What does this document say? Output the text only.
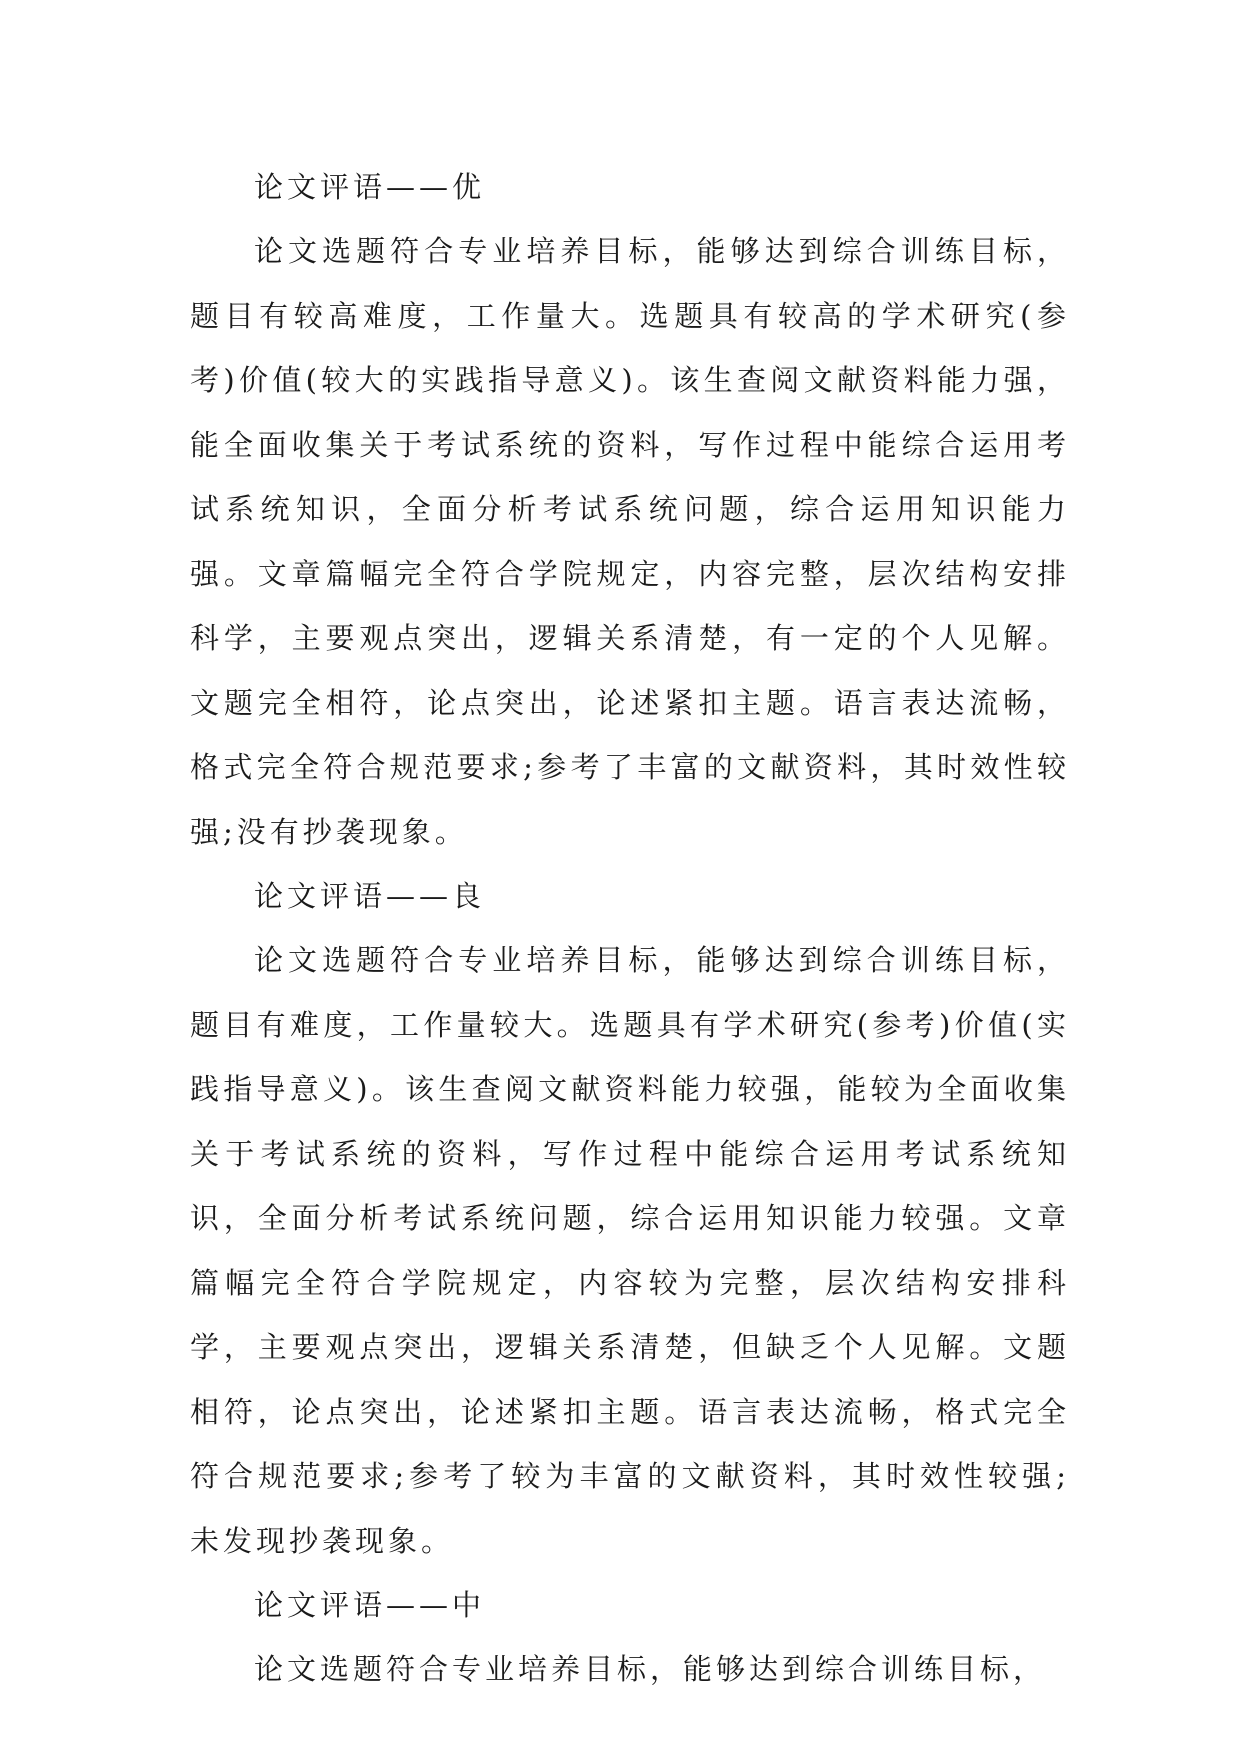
论文评语——优

论文选题符合专业培养目标，能够达到综合训练目标，题目有较高难度，工作量大。选题具有较高的学术研究(参考)价值(较大的实践指导意义)。该生查阅文献资料能力强，能全面收集关于考试系统的资料，写作过程中能综合运用考试系统知识，全面分析考试系统问题，综合运用知识能力强。文章篇幅完全符合学院规定，内容完整，层次结构安排科学，主要观点突出，逻辑关系清楚，有一定的个人见解。文题完全相符，论点突出，论述紧扣主题。语言表达流畅，格式完全符合规范要求;参考了丰富的文献资料，其时效性较强;没有抄袭现象。

论文评语——良

论文选题符合专业培养目标，能够达到综合训练目标，题目有难度，工作量较大。选题具有学术研究(参考)价值(实践指导意义)。该生查阅文献资料能力较强，能较为全面收集关于考试系统的资料，写作过程中能综合运用考试系统知识，全面分析考试系统问题，综合运用知识能力较强。文章篇幅完全符合学院规定，内容较为完整，层次结构安排科学，主要观点突出，逻辑关系清楚，但缺乏个人见解。文题相符，论点突出，论述紧扣主题。语言表达流畅，格式完全符合规范要求;参考了较为丰富的文献资料，其时效性较强;未发现抄袭现象。

论文评语——中

论文选题符合专业培养目标，能够达到综合训练目标，
